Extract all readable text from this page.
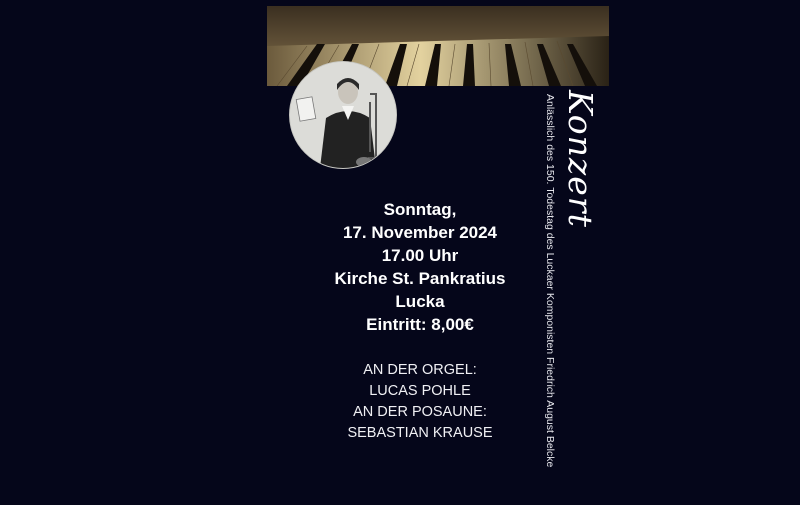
Konzert
Anlässlich des 150. Todestag des Luckaer Komponisten Friedrich August Belcke
Sonntag,
17. November 2024
17.00 Uhr
Kirche St. Pankratius
Lucka
Eintritt: 8,00€
AN DER ORGEL:
LUCAS POHLE
AN DER POSAUNE:
SEBASTIAN KRAUSE
